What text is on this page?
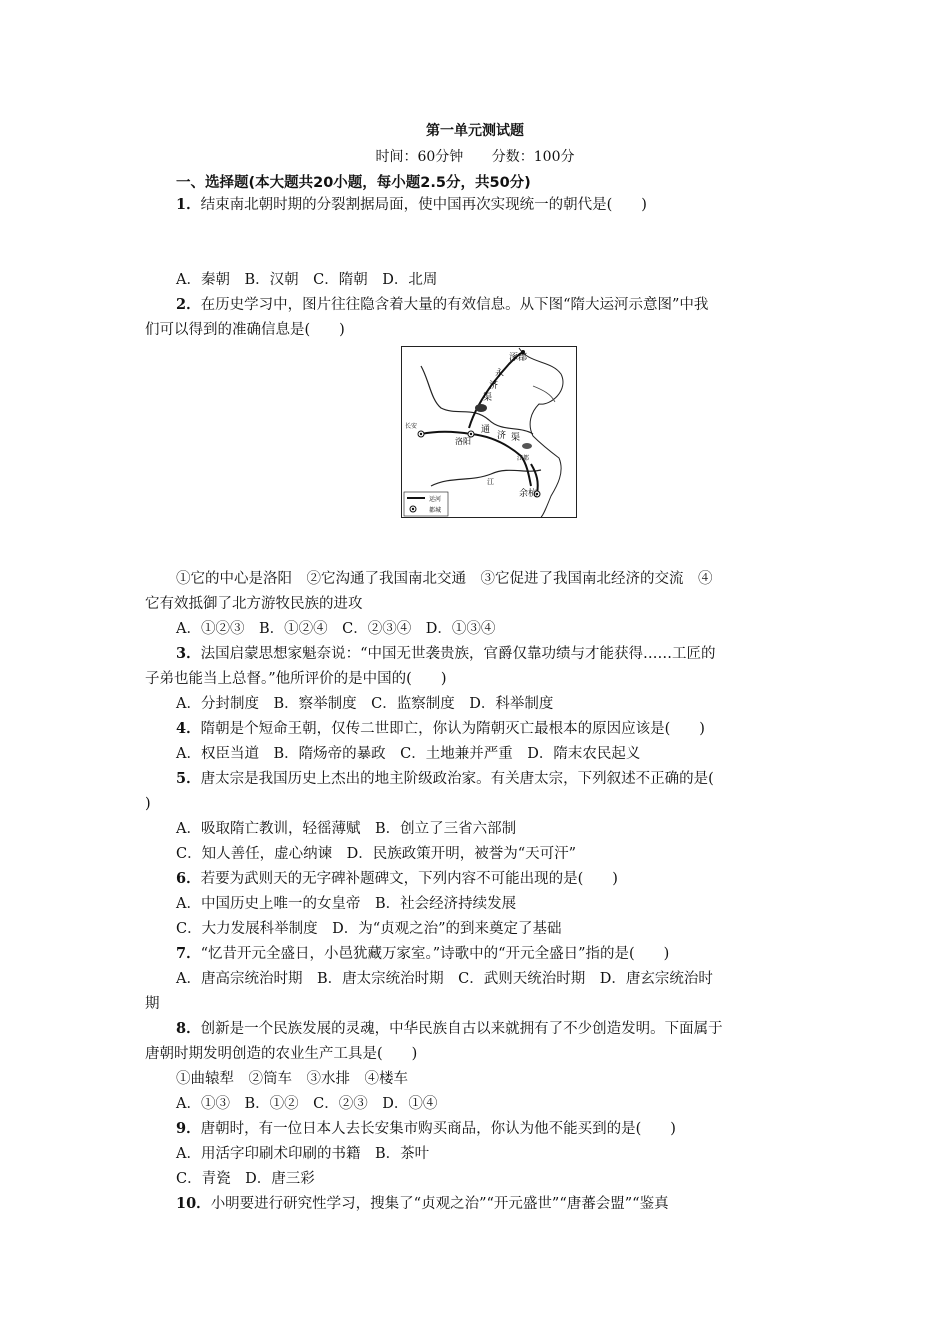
第一单元测试题
时间：60分钟 分数：100分
一、选择题(本大题共20小题，每小题2.5分，共50分)
1．结束南北朝时期的分裂割据局面，使中国再次实现统一的朝代是(　　)
A．秦朝　B．汉朝　C．隋朝　D．北周
2．在历史学习中，图片往往隐含着大量的有效信息。从下图“隋大运河示意图”中我
们可以得到的准确信息是(　　)
涿郡
永
济
渠
通
济 渠
长安
洛阳
江都
余杭
江
运河
都城
①它的中心是洛阳　②它沟通了我国南北交通　③它促进了我国南北经济的交流　④
它有效抵御了北方游牧民族的进攻
A．①②③　B．①②④　C．②③④　D．①③④
3．法国启蒙思想家魁奈说：“中国无世袭贵族，官爵仅靠功绩与才能获得……工匠的
子弟也能当上总督。”他所评价的是中国的(　　)
A．分封制度　B．察举制度　C．监察制度　D．科举制度
4．隋朝是个短命王朝，仅传二世即亡，你认为隋朝灭亡最根本的原因应该是(　　)
A．权臣当道　B．隋炀帝的暴政　C．土地兼并严重　D．隋末农民起义
5．唐太宗是我国历史上杰出的地主阶级政治家。有关唐太宗，下列叙述不正确的是(
)
A．吸取隋亡教训，轻徭薄赋　B．创立了三省六部制
C．知人善任，虚心纳谏　D．民族政策开明，被誉为“天可汗”
6．若要为武则天的无字碑补题碑文，下列内容不可能出现的是(　　)
A．中国历史上唯一的女皇帝　B．社会经济持续发展
C．大力发展科举制度　D．为“贞观之治”的到来奠定了基础
7．“忆昔开元全盛日，小邑犹藏万家室。”诗歌中的“开元全盛日”指的是(　　)
A．唐高宗统治时期　B．唐太宗统治时期　C．武则天统治时期　D．唐玄宗统治时
期
8．创新是一个民族发展的灵魂，中华民族自古以来就拥有了不少创造发明。下面属于
唐朝时期发明创造的农业生产工具是(　　)
①曲辕犁　②筒车　③水排　④楼车
A．①③　B．①②　C．②③　D．①④
9．唐朝时，有一位日本人去长安集市购买商品，你认为他不能买到的是(　　)
A．用活字印刷术印刷的书籍　B．茶叶
C．青瓷　D．唐三彩
10．小明要进行研究性学习，搜集了“贞观之治”“开元盛世”“唐蕃会盟”“鉴真
